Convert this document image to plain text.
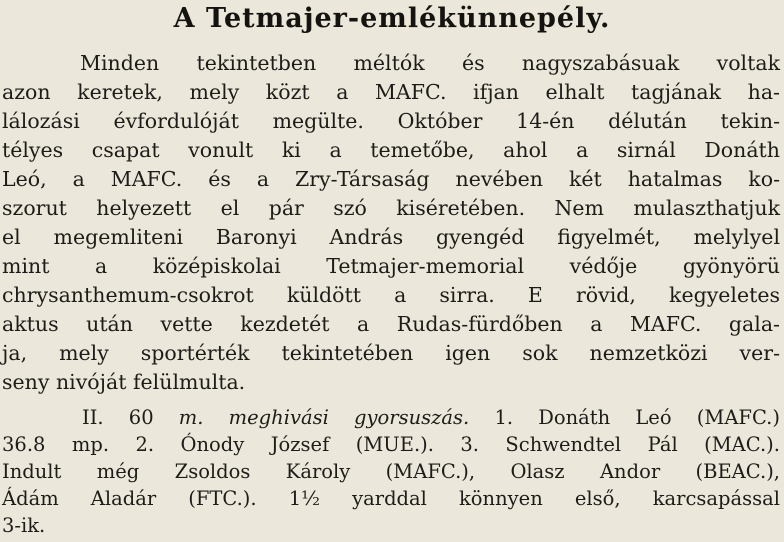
A Tetmajer-emlékünnepély.
Minden tekintetben méltók és nagyszabásuak voltak
azon keretek, mely közt a MAFC. ifjan elhalt tagjának ha-
lálozási évfordulóját megülte. Október 14-én délután tekin-
télyes csapat vonult ki a temetőbe, ahol a sirnál Donáth
Leó, a MAFC. és a Zry-Társaság nevében két hatalmas ko-
szorut helyezett el pár szó kiséretében. Nem mulaszthatjuk
el megemliteni Baronyi András gyengéd figyelmét, melylyel
mint a középiskolai Tetmajer-memorial védője gyönyörü
chrysanthemum-csokrot küldött a sirra. E rövid, kegyeletes
aktus után vette kezdetét a Rudas-fürdőben a MAFC. gala-
ja, mely sportérték tekintetében igen sok nemzetközi ver-
seny nivóját felülmulta.
II. 60 m. meghivási gyorsuszás. 1. Donáth Leó (MAFC.)
36.8 mp. 2. Ónody József (MUE.). 3. Schwendtel Pál (MAC.).
Indult még Zsoldos Károly (MAFC.), Olasz Andor (BEAC.),
Ádám Aladár (FTC.). 1½ yarddal könnyen első, karcsapással
3-ik.
